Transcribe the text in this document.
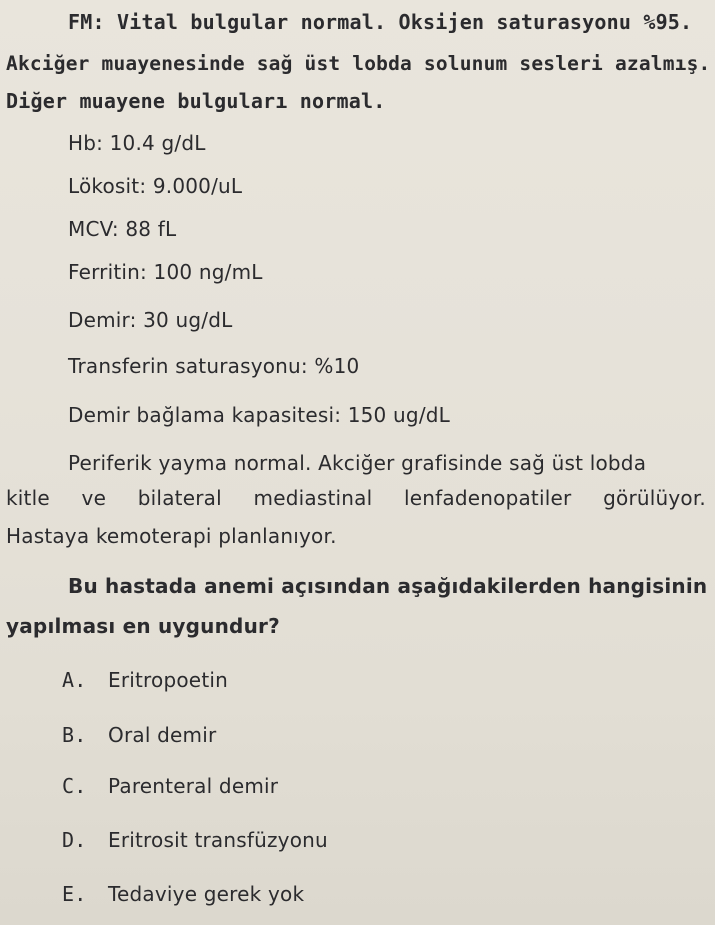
FM: Vital bulgular normal. Oksijen saturasyonu %95.
Akciğer muayenesinde sağ üst lobda solunum sesleri azalmış.
Diğer muayene bulguları normal.
Hb: 10.4 g/dL
Lökosit: 9.000/uL
MCV: 88 fL
Ferritin: 100 ng/mL
Demir: 30 ug/dL
Transferin saturasyonu: %10
Demir bağlama kapasitesi: 150 ug/dL
Periferik yayma normal. Akciğer grafisinde sağ üst lobda
kitle ve bilateral mediastinal lenfadenopatiler görülüyor.
Hastaya kemoterapi planlanıyor.
Bu hastada anemi açısından aşağıdakilerden hangisinin
yapılması en uygundur?
A. Eritropoetin
B. Oral demir
C. Parenteral demir
D. Eritrosit transfüzyonu
E. Tedaviye gerek yok
